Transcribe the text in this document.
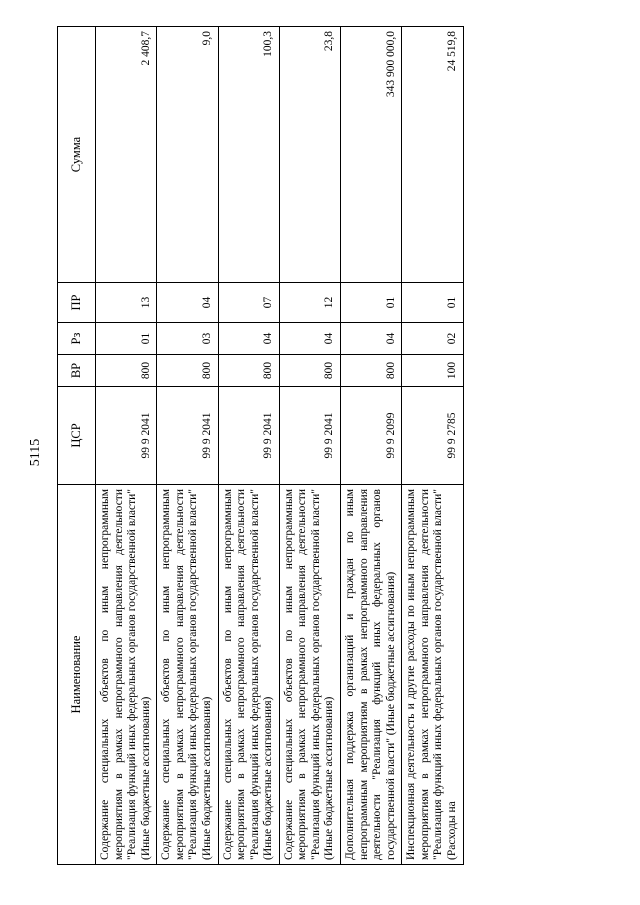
5115
Наименование	ЦСР	ВР	Рз	ПР	Сумма
Содержание специальных объектов по иным непрограммным мероприятиям в рамках непрограммного направления деятельности "Реализация функций иных федеральных органов государственной власти" (Иные бюджетные ассигнования)	99 9 2041	800	01	13	2 408,7
Содержание специальных объектов по иным непрограммным мероприятиям в рамках непрограммного направления деятельности "Реализация функций иных федеральных органов государственной власти" (Иные бюджетные ассигнования)	99 9 2041	800	03	04	9,0
Содержание специальных объектов по иным непрограммным мероприятиям в рамках непрограммного направления деятельности "Реализация функций иных федеральных органов государственной власти" (Иные бюджетные ассигнования)	99 9 2041	800	04	07	100,3
Содержание специальных объектов по иным непрограммным мероприятиям в рамках непрограммного направления деятельности "Реализация функций иных федеральных органов государственной власти" (Иные бюджетные ассигнования)	99 9 2041	800	04	12	23,8
Дополнительная поддержка организаций и граждан по иным непрограммным мероприятиям в рамках непрограммного направления деятельности "Реализация функций иных федеральных органов государственной власти" (Иные бюджетные ассигнования)	99 9 2099	800	04	01	343 900 000,0
Инспекционная деятельность и другие расходы по иным непрограммным мероприятиям в рамках непрограммного направления деятельности "Реализация функций иных федеральных органов государственной власти" (Расходы на	99 9 2785	100	02	01	24 519,8
